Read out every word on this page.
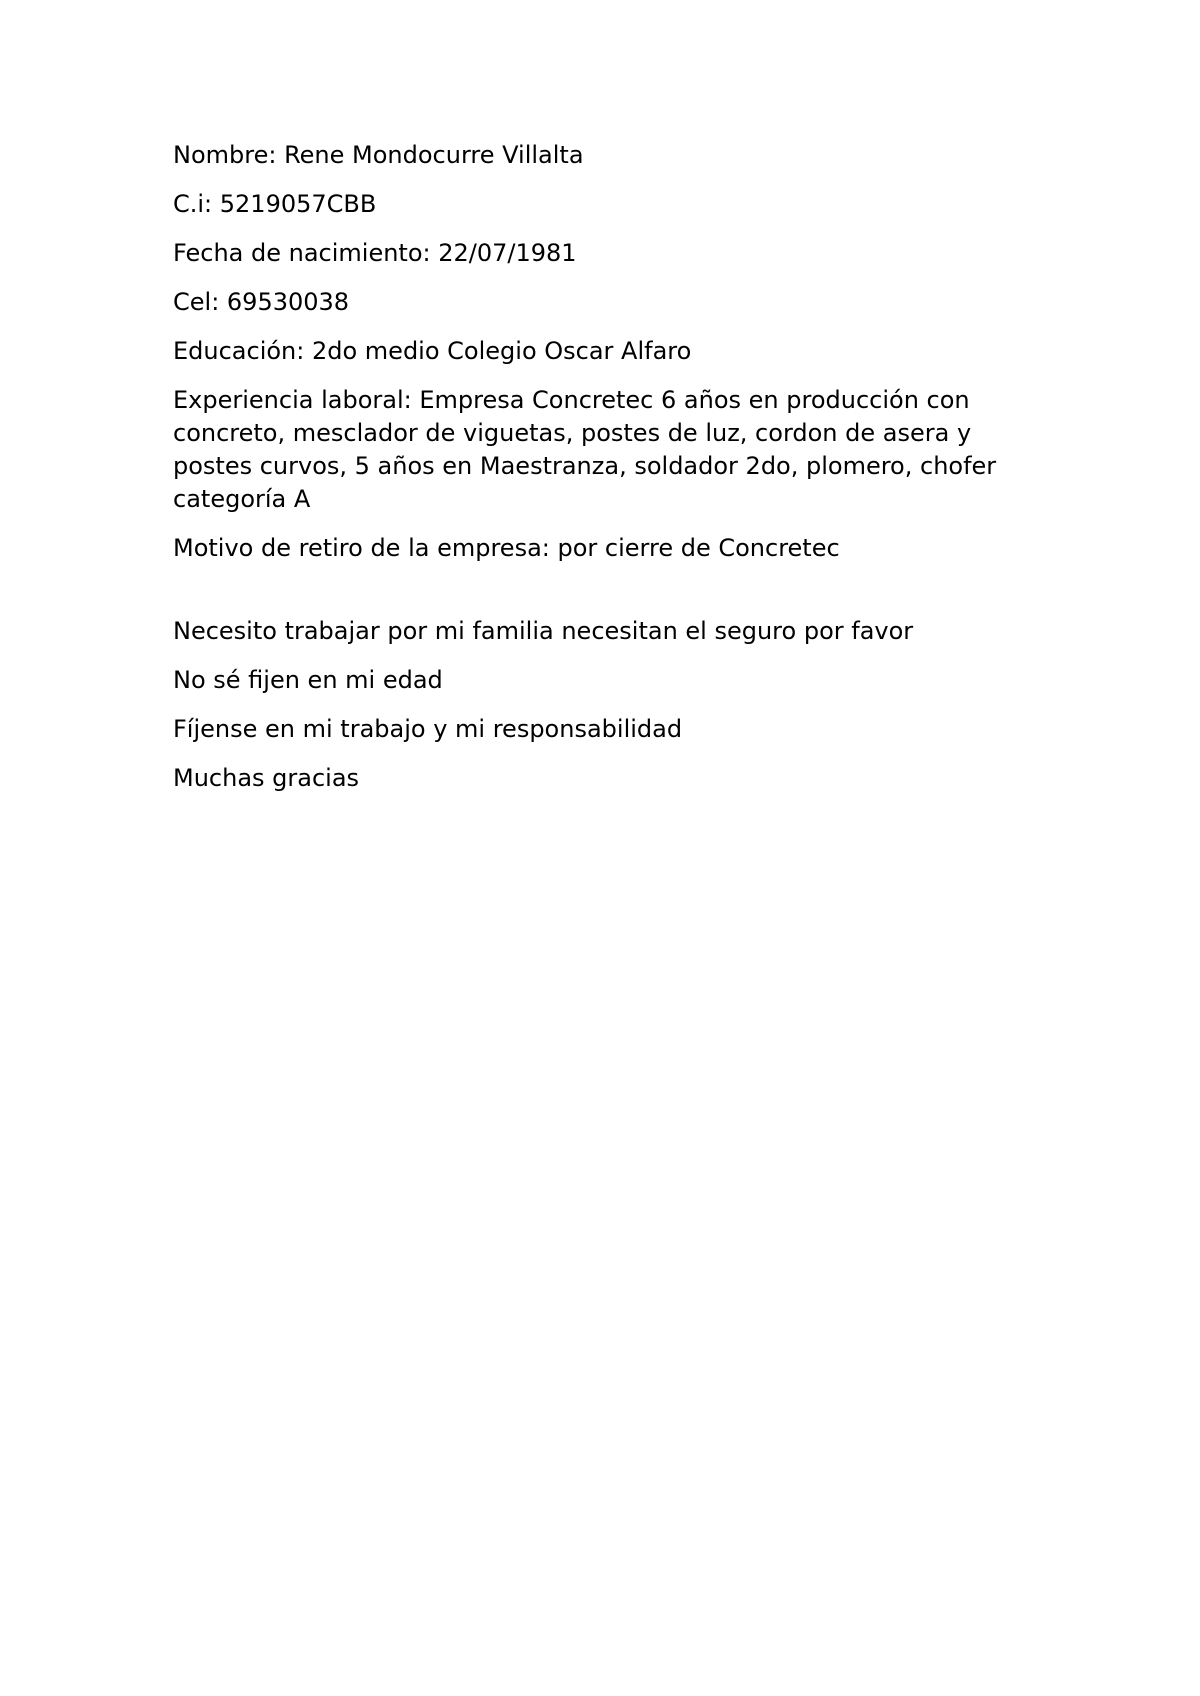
Nombre: Rene Mondocurre Villalta

C.i: 5219057CBB

Fecha de nacimiento: 22/07/1981

Cel: 69530038

Educación: 2do medio Colegio Oscar Alfaro

Experiencia laboral: Empresa Concretec 6 años en producción con concreto, mesclador de viguetas, postes de luz, cordon de asera y postes curvos, 5 años en Maestranza, soldador 2do, plomero, chofer categoría A

Motivo de retiro de la empresa: por cierre de Concretec

Necesito trabajar por mi familia necesitan el seguro por favor

No sé fijen en mi edad

Fíjense en mi trabajo y mi responsabilidad

Muchas gracias
